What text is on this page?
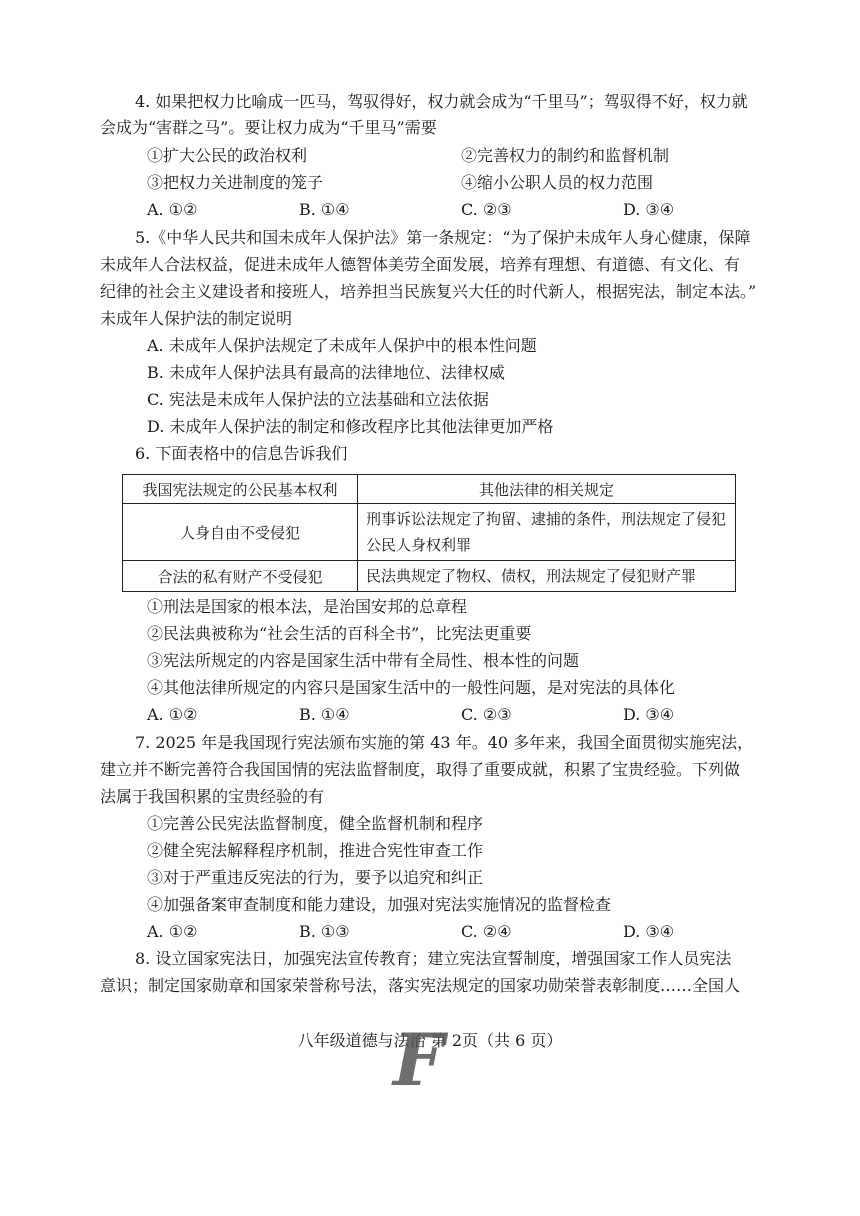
4. 如果把权力比喻成一匹马，驾驭得好，权力就会成为“千里马”；驾驭得不好，权力就
会成为“害群之马”。要让权力成为“千里马”需要
①扩大公民的政治权利	②完善权力的制约和监督机制
③把权力关进制度的笼子	④缩小公职人员的权力范围
A. ①②	B. ①④	C. ②③	D. ③④
5.《中华人民共和国未成年人保护法》第一条规定：“为了保护未成年人身心健康，保障
未成年人合法权益，促进未成年人德智体美劳全面发展，培养有理想、有道德、有文化、有
纪律的社会主义建设者和接班人，培养担当民族复兴大任的时代新人，根据宪法，制定本法。”
未成年人保护法的制定说明
A. 未成年人保护法规定了未成年人保护中的根本性问题
B. 未成年人保护法具有最高的法律地位、法律权威
C. 宪法是未成年人保护法的立法基础和立法依据
D. 未成年人保护法的制定和修改程序比其他法律更加严格
6. 下面表格中的信息告诉我们
我国宪法规定的公民基本权利	其他法律的相关规定
人身自由不受侵犯	刑事诉讼法规定了拘留、逮捕的条件，刑法规定了侵犯公民人身权利罪
合法的私有财产不受侵犯	民法典规定了物权、债权，刑法规定了侵犯财产罪
①刑法是国家的根本法，是治国安邦的总章程
②民法典被称为“社会生活的百科全书”，比宪法更重要
③宪法所规定的内容是国家生活中带有全局性、根本性的问题
④其他法律所规定的内容只是国家生活中的一般性问题，是对宪法的具体化
A. ①②	B. ①④	C. ②③	D. ③④
7. 2025 年是我国现行宪法颁布实施的第 43 年。40 多年来，我国全面贯彻实施宪法，
建立并不断完善符合我国国情的宪法监督制度，取得了重要成就，积累了宝贵经验。下列做
法属于我国积累的宝贵经验的有
①完善公民宪法监督制度，健全监督机制和程序
②健全宪法解释程序机制，推进合宪性审查工作
③对于严重违反宪法的行为，要予以追究和纠正
④加强备案审查制度和能力建设，加强对宪法实施情况的监督检查
A. ①②	B. ①③	C. ②④	D. ③④
8. 设立国家宪法日，加强宪法宣传教育；建立宪法宣誓制度，增强国家工作人员宪法
意识；制定国家勋章和国家荣誉称号法，落实宪法规定的国家功勋荣誉表彰制度……全国人
八年级道德与法治 第 2页（共 6 页）
F
